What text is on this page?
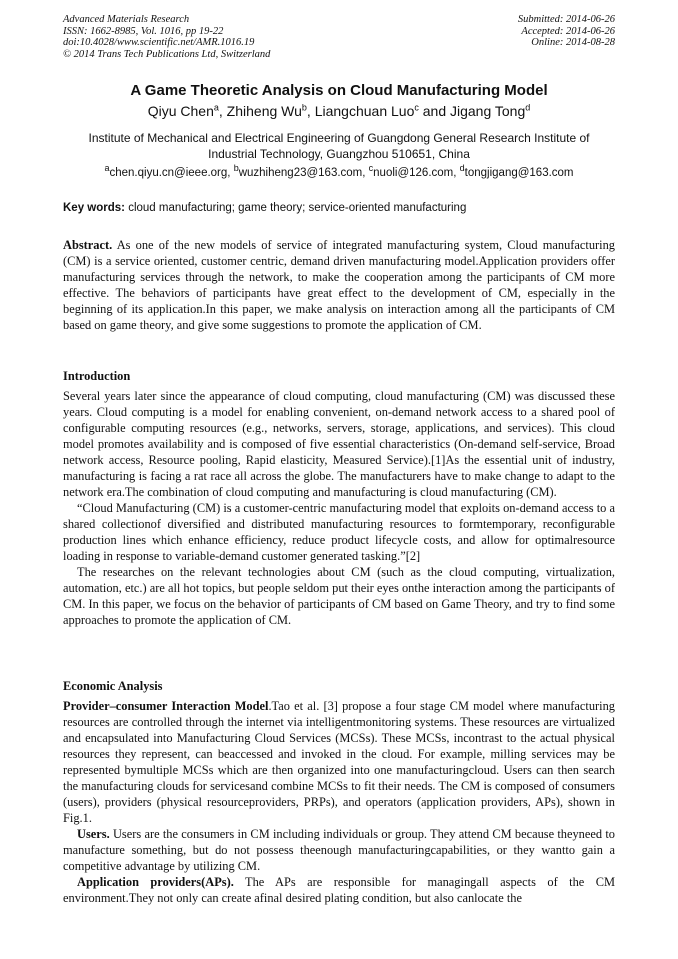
Advanced Materials Research
ISSN: 1662-8985, Vol. 1016, pp 19-22
doi:10.4028/www.scientific.net/AMR.1016.19
© 2014 Trans Tech Publications Ltd, Switzerland
Submitted: 2014-06-26
Accepted: 2014-06-26
Online: 2014-08-28
A Game Theoretic Analysis on Cloud Manufacturing Model
Qiyu Chen$^a$, Zhiheng Wu$^b$, Liangchuan Luo$^c$ and Jigang Tong$^d$
Institute of Mechanical and Electrical Engineering of Guangdong General Research Institute of Industrial Technology, Guangzhou 510651, China
$^a$chen.qiyu.cn@ieee.org, $^b$wuzhiheng23@163.com, $^c$nuoli@126.com, $^d$tongjigang@163.com
Key words: cloud manufacturing; game theory; service-oriented manufacturing

Abstract. As one of the new models of service of integrated manufacturing system, Cloud manufacturing (CM) is a service oriented, customer centric, demand driven manufacturing model.Application providers offer manufacturing services through the network, to make the cooperation among the participants of CM more effective. The behaviors of participants have great effect to the development of CM, especially in the beginning of its application.In this paper, we make analysis on interaction among all the participants of CM based on game theory, and give some suggestions to promote the application of CM.

Introduction

Several years later since the appearance of cloud computing, cloud manufacturing (CM) was discussed these years. Cloud computing is a model for enabling convenient, on-demand network access to a shared pool of configurable computing resources (e.g., networks, servers, storage, applications, and services). This cloud model promotes availability and is composed of five essential characteristics (On-demand self-service, Broad network access, Resource pooling, Rapid elasticity, Measured Service).[1]As the essential unit of industry, manufacturing is facing a rat race all across the globe. The manufacturers have to make change to adapt to the network era.The combination of cloud computing and manufacturing is cloud manufacturing (CM).

“Cloud Manufacturing (CM) is a customer-centric manufacturing model that exploits on-demand access to a shared collectionof diversified and distributed manufacturing resources to formtemporary, reconfigurable production lines which enhance efficiency, reduce product lifecycle costs, and allow for optimalresource loading in response to variable-demand customer generated tasking.”[2]

The researches on the relevant technologies about CM (such as the cloud computing, virtualization, automation, etc.) are all hot topics, but people seldom put their eyes onthe interaction among the participants of CM. In this paper, we focus on the behavior of participants of CM based on Game Theory, and try to find some approaches to promote the application of CM.

Economic Analysis

Provider–consumer Interaction Model.Tao et al. [3] propose a four stage CM model where manufacturing resources are controlled through the internet via intelligentmonitoring systems. These resources are virtualized and encapsulated into Manufacturing Cloud Services (MCSs). These MCSs, incontrast to the actual physical resources they represent, can beaccessed and invoked in the cloud. For example, milling services may be represented bymultiple MCSs which are then organized into one manufacturingcloud. Users can then search the manufacturing clouds for servicesand combine MCSs to fit their needs. The CM is composed of consumers (users), providers (physical resourceproviders, PRPs), and operators (application providers, APs), shown in Fig.1.

Users. Users are the consumers in CM including individuals or group. They attend CM because theyneed to manufacture something, but do not possess theenough manufacturingcapabilities, or they wantto gain a competitive advantage by utilizing CM.

Application providers(APs). The APs are responsible for managingall aspects of the CM environment.They not only can create afinal desired plating condition, but also canlocate the
